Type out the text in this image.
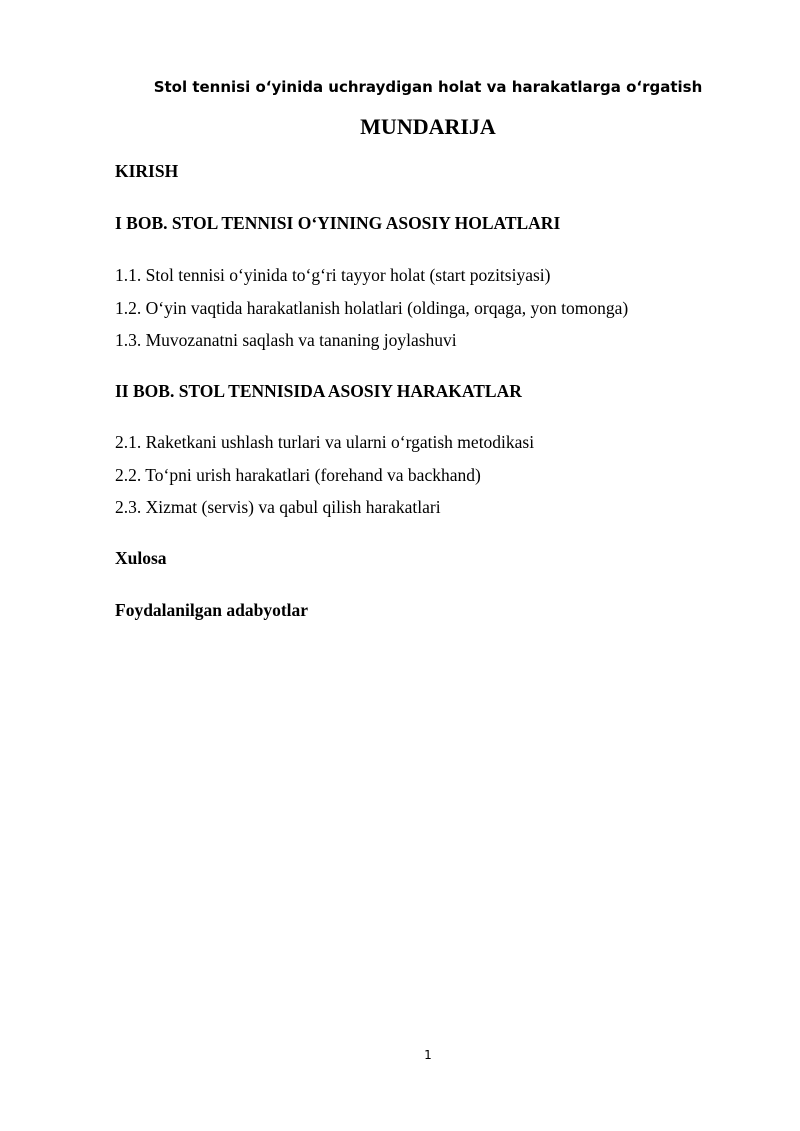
Stol tennisi oʻyinida uchraydigan holat va harakatlarga oʻrgatish
MUNDARIJA
KIRISH
I BOB. STOL TENNISI OʻYINING ASOSIY HOLATLARI
1.1. Stol tennisi oʻyinida toʻgʻri tayyor holat (start pozitsiyasi)
1.2. Oʻyin vaqtida harakatlanish holatlari (oldinga, orqaga, yon tomonga)
1.3. Muvozanatni saqlash va tananing joylashuvi
II BOB. STOL TENNISIDA ASOSIY HARAKATLAR
2.1. Raketkani ushlash turlari va ularni oʻrgatish metodikasi
2.2. Toʻpni urish harakatlari (forehand va backhand)
2.3. Xizmat (servis) va qabul qilish harakatlari
Xulosa
Foydalanilgan adabyotlar
1
